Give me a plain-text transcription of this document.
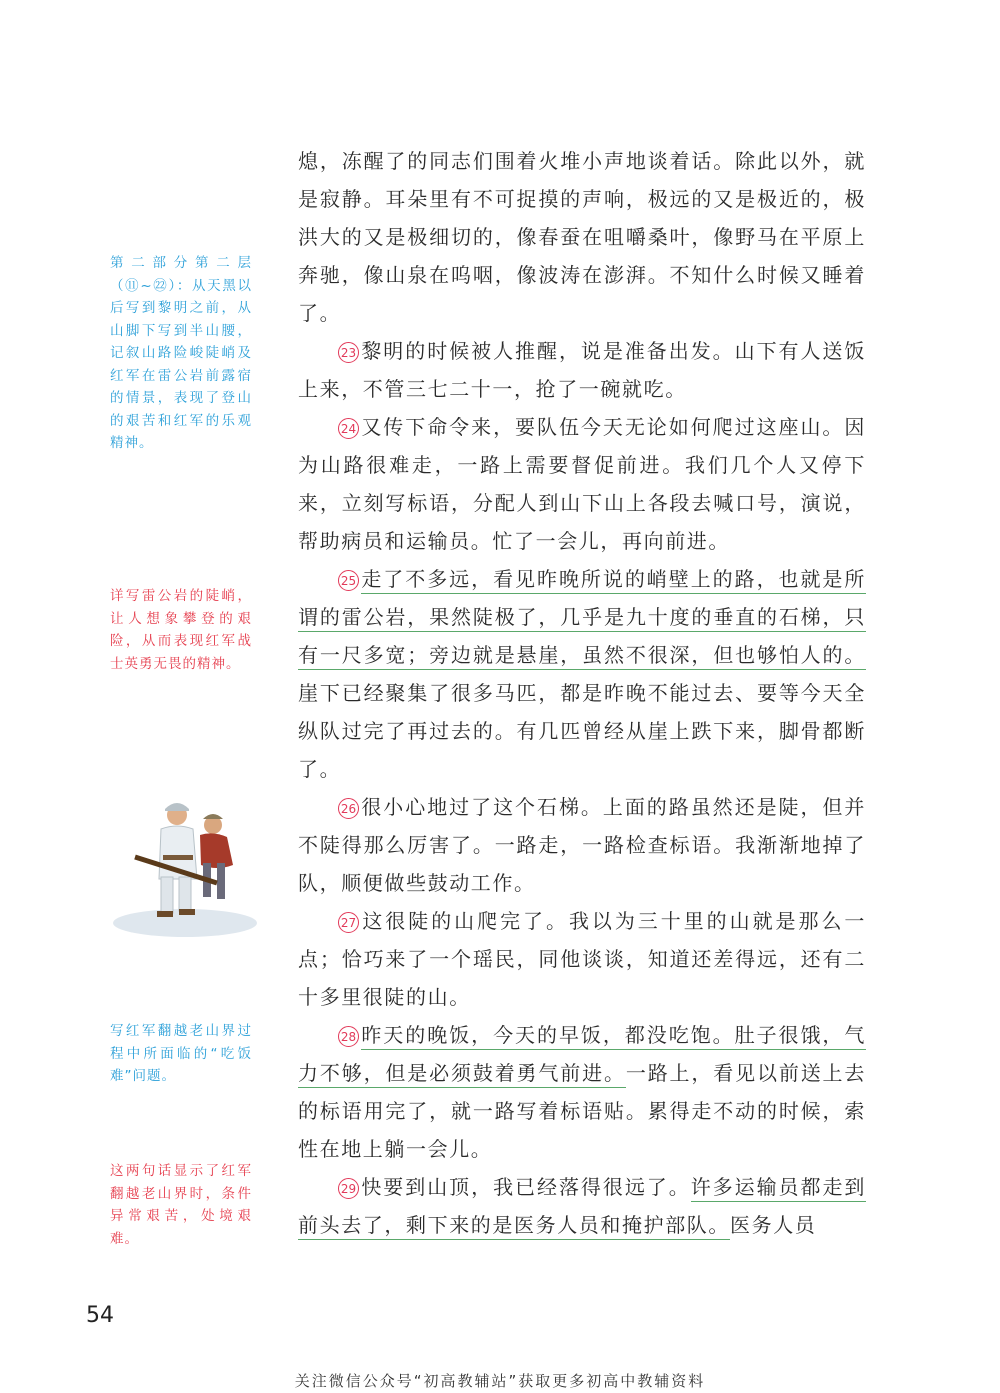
熄，冻醒了的同志们围着火堆小声地谈着话。除此以外，就是寂静。耳朵里有不可捉摸的声响，极远的又是极近的，极洪大的又是极细切的，像春蚕在咀嚼桑叶，像野马在平原上奔驰，像山泉在呜咽，像波涛在澎湃。不知什么时候又睡着了。

23 黎明的时候被人推醒，说是准备出发。山下有人送饭上来，不管三七二十一，抢了一碗就吃。

24 又传下命令来，要队伍今天无论如何爬过这座山。因为山路很难走，一路上需要督促前进。我们几个人又停下来，立刻写标语，分配人到山下山上各段去喊口号，演说，帮助病员和运输员。忙了一会儿，再向前进。

25 走了不多远，看见昨晚所说的峭壁上的路，也就是所谓的雷公岩，果然陡极了，几乎是九十度的垂直的石梯，只有一尺多宽；旁边就是悬崖，虽然不很深，但也够怕人的。崖下已经聚集了很多马匹，都是昨晚不能过去、要等今天全纵队过完了再过去的。有几匹曾经从崖上跌下来，脚骨都断了。

26 很小心地过了这个石梯。上面的路虽然还是陡，但并不陡得那么厉害了。一路走，一路检查标语。我渐渐地掉了队，顺便做些鼓动工作。

27 这很陡的山爬完了。我以为三十里的山就是那么一点；恰巧来了一个瑶民，同他谈谈，知道还差得远，还有二十多里很陡的山。

28 昨天的晚饭，今天的早饭，都没吃饱。肚子很饿，气力不够，但是必须鼓着勇气前进。一路上，看见以前送上去的标语用完了，就一路写着标语贴。累得走不动的时候，索性在地上躺一会儿。

29 快要到山顶，我已经落得很远了。许多运输员都走到前头去了，剩下来的是医务人员和掩护部队。医务人员

第二部分第二层（⑪~㉒）：从天黑以后写到黎明之前，从山脚下写到半山腰，记叙山路险峻陡峭及红军在雷公岩前露宿的情景，表现了登山的艰苦和红军的乐观精神。
详写雷公岩的陡峭，让人想象攀登的艰险，从而表现红军战士英勇无畏的精神。
写红军翻越老山界过程中所面临的“吃饭难”问题。
这两句话显示了红军翻越老山界时，条件异常艰苦，处境艰难。
54
关注微信公众号“初高教辅站”获取更多初高中教辅资料
